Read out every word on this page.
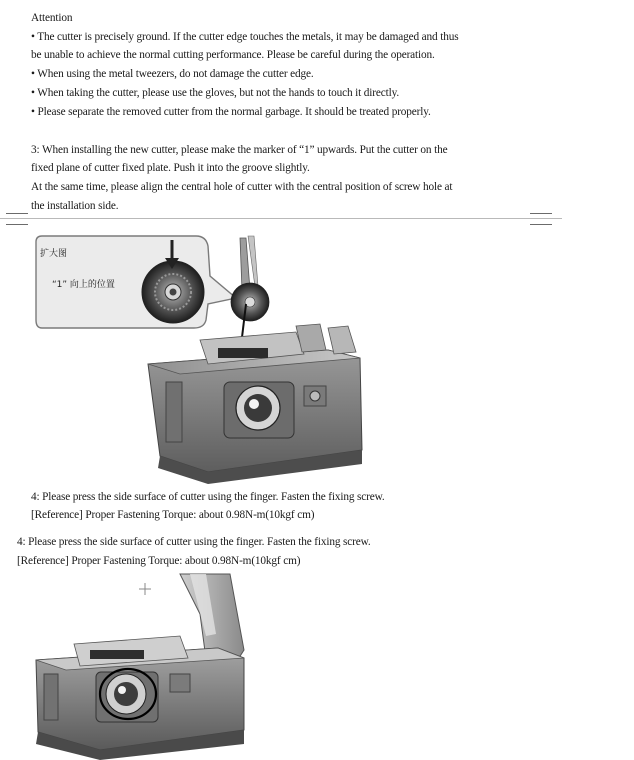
Attention
• The cutter is precisely ground. If the cutter edge touches the metals, it may be damaged and thus
be unable to achieve the normal cutting performance. Please be careful during the operation.
• When using the metal tweezers, do not damage the cutter edge.
• When taking the cutter, please use the gloves, but not the hands to touch it directly.
• Please separate the removed cutter from the normal garbage. It should be treated properly.
3: When installing the new cutter, please make the marker of “1” upwards. Put the cutter on the
fixed plane of cutter fixed plate. Push it into the groove slightly.
At the same time, please align the central hole of cutter with the central position of screw hole at
the installation side.
扩大图
“1” 向上的位置
4: Please press the side surface of cutter using the finger. Fasten the fixing screw.
[Reference] Proper Fastening Torque: about 0.98N-m(10kgf cm)
4: Please press the side surface of cutter using the finger. Fasten the fixing screw.
[Reference] Proper Fastening Torque: about 0.98N-m(10kgf cm)
